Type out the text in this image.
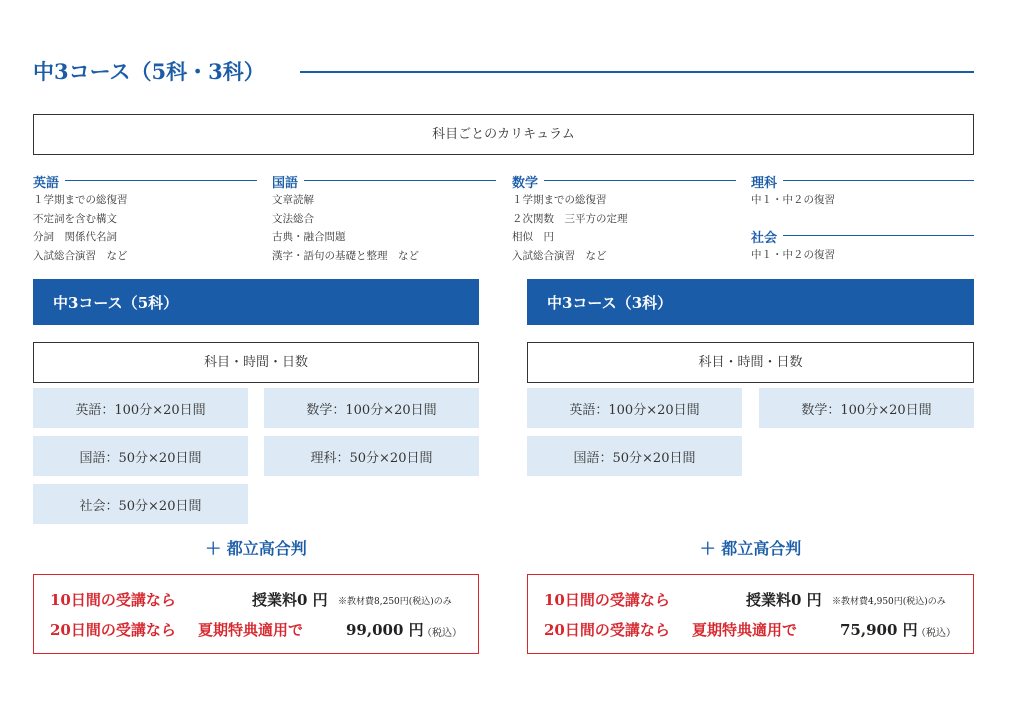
中3コース（5科・3科）
科目ごとのカリキュラム
英語
１学期までの総復習
不定詞を含む構文
分詞　関係代名詞
入試総合演習　など
国語
文章読解
文法総合
古典・融合問題
漢字・語句の基礎と整理　など
数学
１学期までの総復習
２次関数　三平方の定理
相似　円
入試総合演習　など
理科
中１・中２の復習
社会
中１・中２の復習
中3コース（5科）
科目・時間・日数
英語：100分×20日間	数学：100分×20日間
国語：50分×20日間	理科：50分×20日間
社会：50分×20日間
＋ 都立高合判
10日間の受講なら	授業料0 円 ※教材費8,250円(税込)のみ
20日間の受講なら 夏期特典適用で	99,000 円
（税込）
中3コース（3科）
科目・時間・日数
英語：100分×20日間	数学：100分×20日間
国語：50分×20日間
＋ 都立高合判
10日間の受講なら	授業料0 円 ※教材費4,950円(税込)のみ
20日間の受講なら 夏期特典適用で	75,900 円
（税込）
